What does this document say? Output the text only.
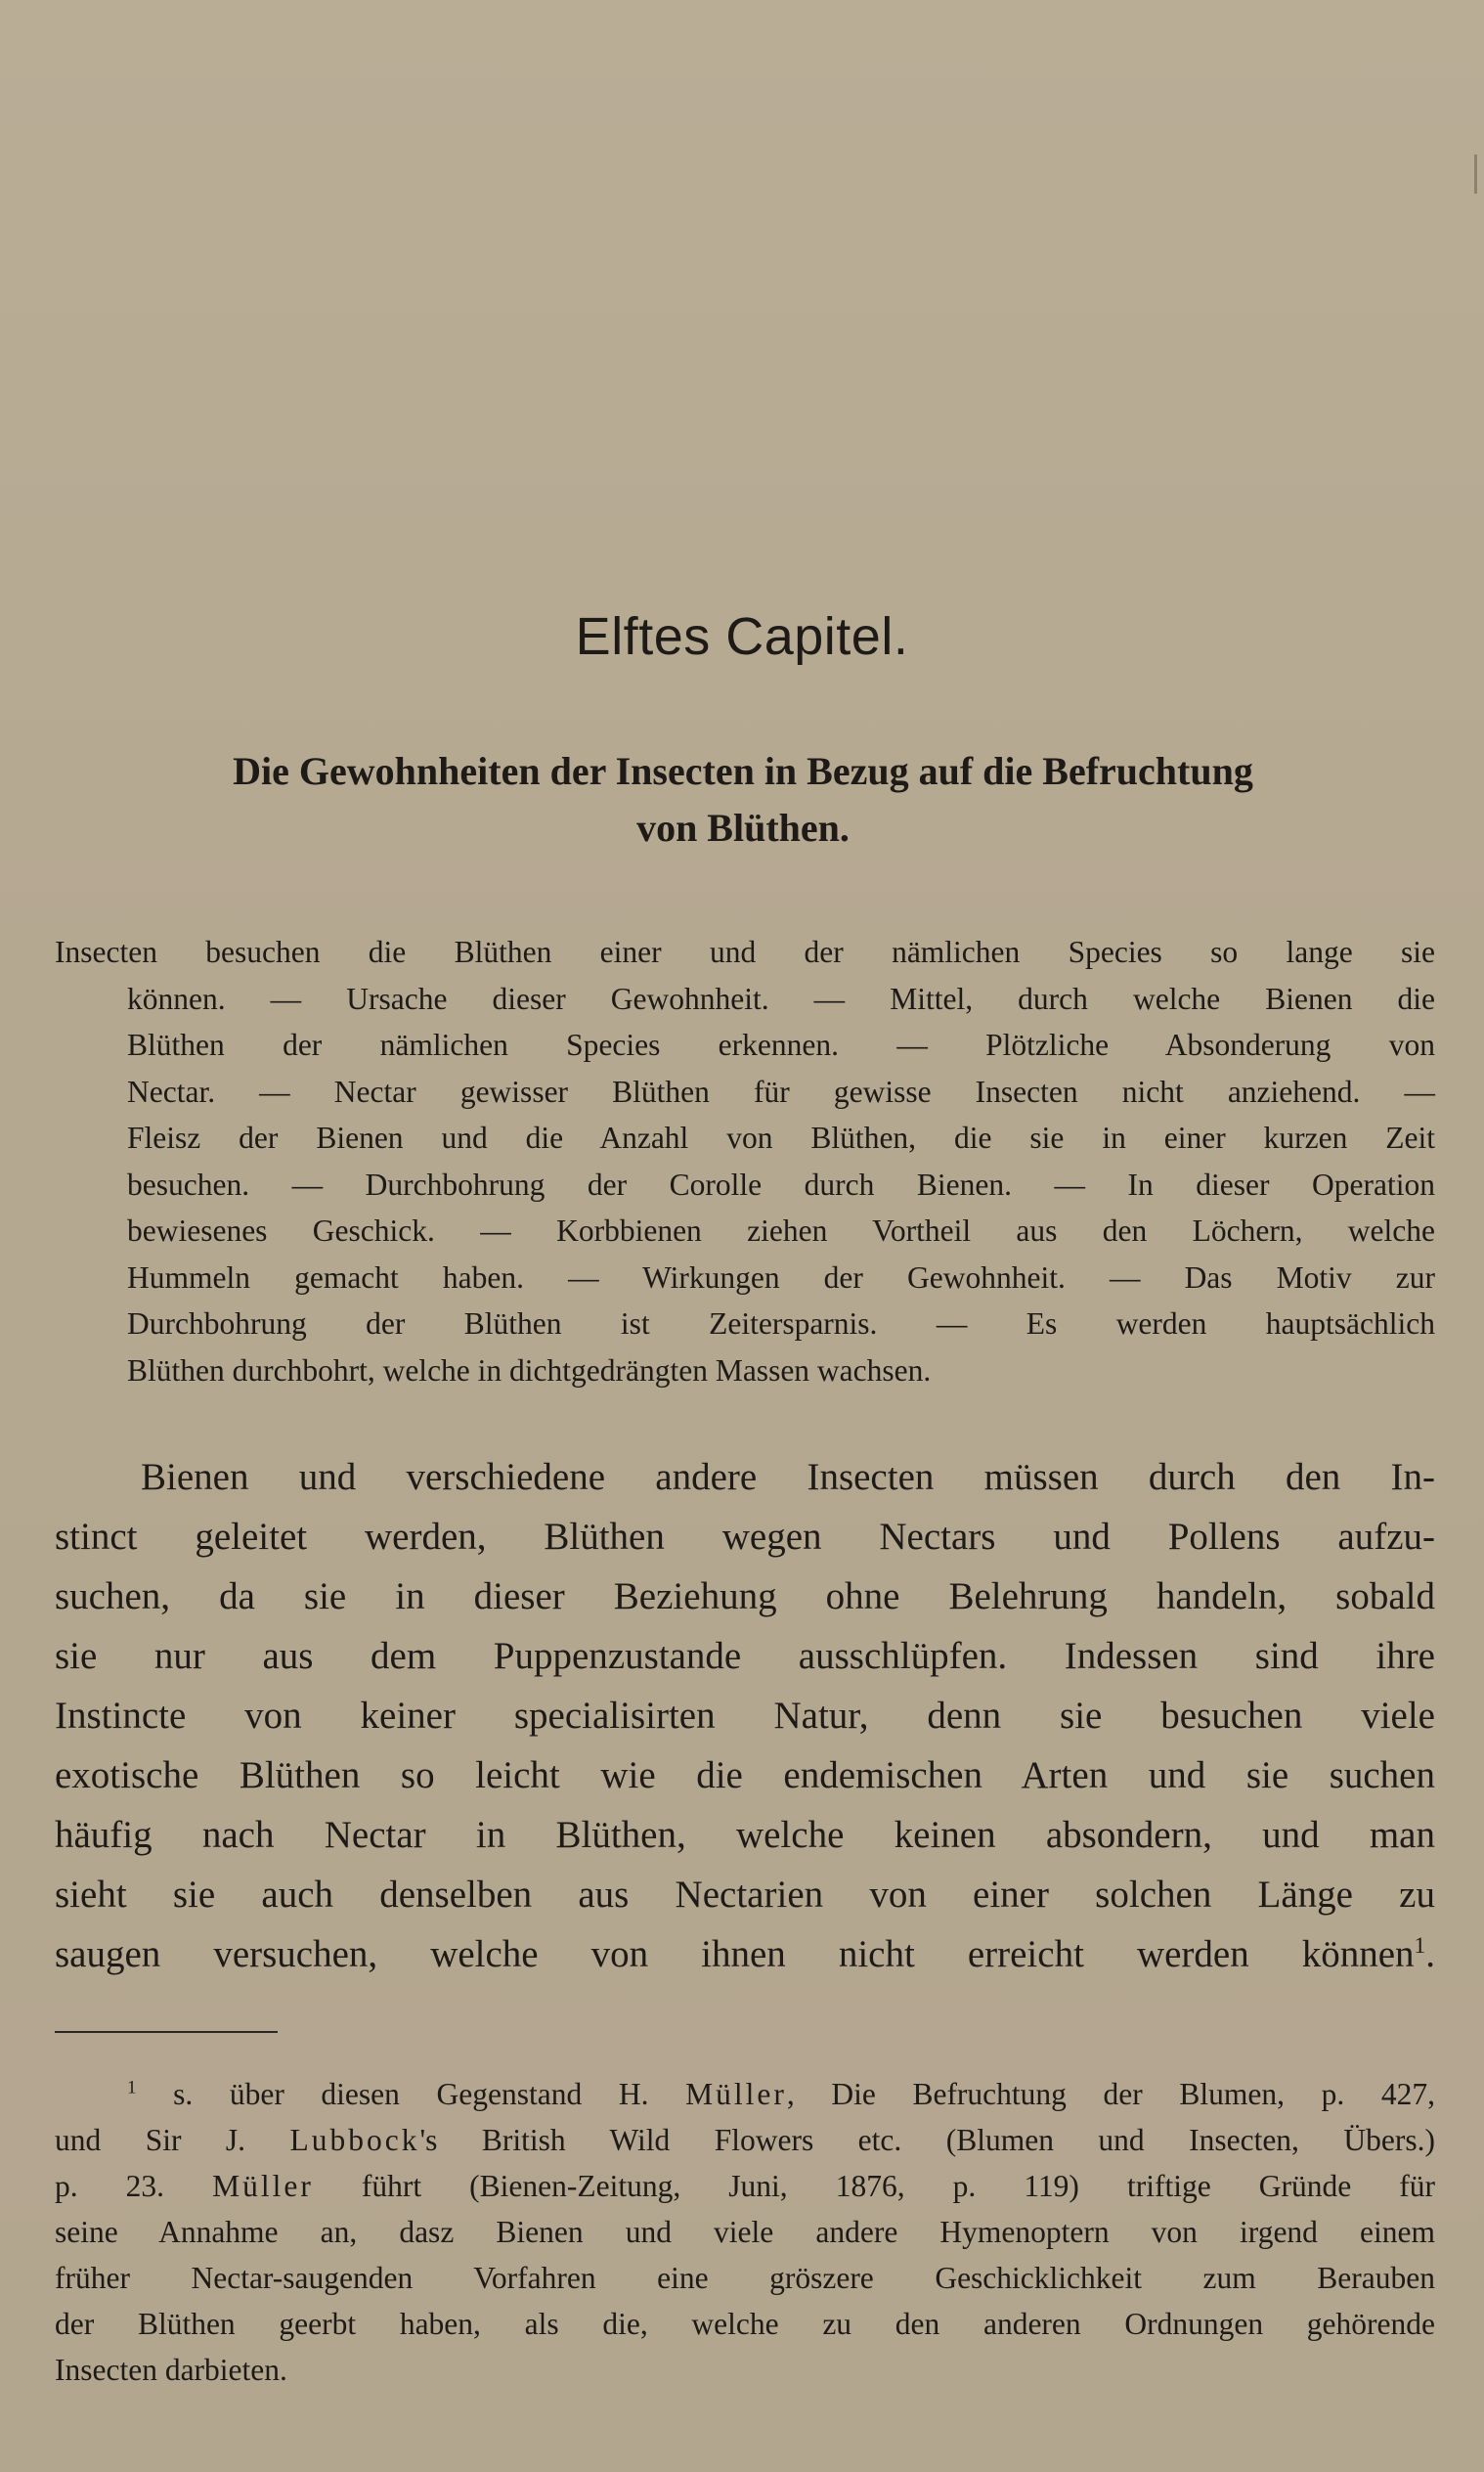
Elftes Capitel.
Die Gewohnheiten der Insecten in Bezug auf die Befruchtung
von Blüthen.
Insecten besuchen die Blüthen einer und der nämlichen Species so lange sie
können. — Ursache dieser Gewohnheit. — Mittel, durch welche Bienen die
Blüthen der nämlichen Species erkennen. — Plötzliche Absonderung von
Nectar. — Nectar gewisser Blüthen für gewisse Insecten nicht anziehend. —
Fleisz der Bienen und die Anzahl von Blüthen, die sie in einer kurzen Zeit
besuchen. — Durchbohrung der Corolle durch Bienen. — In dieser Operation
bewiesenes Geschick. — Korbbienen ziehen Vortheil aus den Löchern, welche
Hummeln gemacht haben. — Wirkungen der Gewohnheit. — Das Motiv zur
Durchbohrung der Blüthen ist Zeitersparnis. — Es werden hauptsächlich
Blüthen durchbohrt, welche in dichtgedrängten Massen wachsen.
Bienen und verschiedene andere Insecten müssen durch den In-
stinct geleitet werden, Blüthen wegen Nectars und Pollens aufzu-
suchen, da sie in dieser Beziehung ohne Belehrung handeln, sobald
sie nur aus dem Puppenzustande ausschlüpfen. Indessen sind ihre
Instincte von keiner specialisirten Natur, denn sie besuchen viele
exotische Blüthen so leicht wie die endemischen Arten und sie suchen
häufig nach Nectar in Blüthen, welche keinen absondern, und man
sieht sie auch denselben aus Nectarien von einer solchen Länge zu
saugen versuchen, welche von ihnen nicht erreicht werden können$^1$.
$^1$ s. über diesen Gegenstand H. Müller, Die Befruchtung der Blumen, p. 427,
und Sir J. Lubbock's British Wild Flowers etc. (Blumen und Insecten, Übers.)
p. 23. Müller führt (Bienen-Zeitung, Juni, 1876, p. 119) triftige Gründe für
seine Annahme an, dasz Bienen und viele andere Hymenoptern von irgend einem
früher Nectar-saugenden Vorfahren eine gröszere Geschicklichkeit zum Berauben
der Blüthen geerbt haben, als die, welche zu den anderen Ordnungen gehörende
Insecten darbieten.
